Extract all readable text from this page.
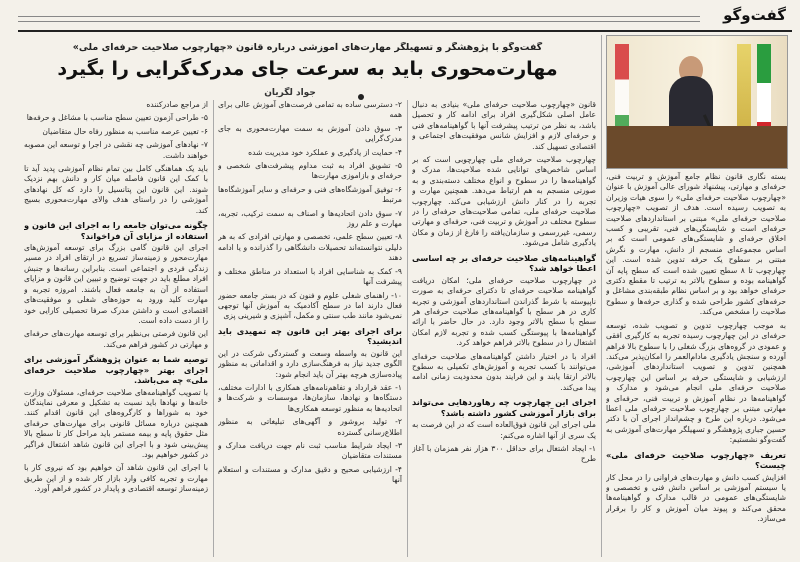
گفت‌وگو
گفت‌وگو با پژوهشگر و تسهیلگر مهارت‌های آموزشی درباره قانون «چهارچوب صلاحیت حرفه‌ای ملی»
مهارت‌محوری باید به سرعت جای مدرک‌گرایی را بگیرد
جواد لگریان

بسته نگاری قانون نظام جامع آموزش و تربیت فنی، حرفه‌ای و مهارتی، پیشنهاد شورای عالی آموزش با عنوان «چهارچوب صلاحیت حرفه‌ای ملی» را سوی هیات وزیران به تصویب رسیده است. هدف از تصویب «چهارچوب صلاحیت حرفه‌ای ملی» مبتنی بر استانداردهای صلاحیت حرفه‌ای است و شایستگی‌های فنی، تقریبی و کسب اخلاق حرفه‌ای و شایستگی‌های عمومی است که بر اساس مجموعه‌ای منسجم از دانش، مهارت و نگرش مبتنی بر سطوح یک حرفه تدوین شده است. این چهارچوب تا ۸ سطح تعیین شده است که سطح پایه آن گواهینامه بوده و سطوح بالاتر به ترتیب تا مقطع دکتری حرفه‌ای خواهد بود و بر اساس نظام طبقه‌بندی مشاغل و حرفه‌های کشور طراحی شده و گذاری حرفه‌ها و سطوح صلاحیت را مشخص می‌کند.

به موجب چهارچوب تدوین و تصویب شده، توسعه حرفه‌ای در این چهارچوب رسیده تجربه به کارگیری افقی و عمودی در گروه‌های بزرگ شغلی را با سطوح بالا فراهم آورده و سنجش یادگیری مادام‌العمر را امکان‌پذیر می‌کند. همچنین تدوین و تصویب استانداردهای آموزشی، ارزشیابی و شایستگی حرفه بر اساس این چهارچوب صلاحیت حرفه‌ای ملی انجام می‌شود و مدارک و گواهینامه‌ها در نظام آموزش و تربیت فنی، حرفه‌ای و مهارتی مبتنی بر چهارچوب صلاحیت حرفه‌ای ملی اعطا می‌شود. درباره این طرح و چشم‌انداز اجرای آن با دکتر حسین جباری پژوهشگر و تسهیلگر مهارت‌های آموزشی به گفت‌وگو نشستیم:

تعریف «چهارچوب صلاحیت حرفه‌ای ملی» چیست؟

افزایش کسب دانش و مهارت‌های فراوانی را در محل کار یا سیستم آموزشی بر اساس دانش فنی و تخصصی و شایستگی‌های عمومی در قالب مدارک و گواهینامه‌ها محقق می‌کند و پیوند میان آموزش و کار را برقرار می‌سازد.

قانون «چهارچوب صلاحیت حرفه‌ای ملی» بنیادی به دنبال عامل اصلی شکل‌گیری افراد برای ادامه کار و تحصیل باشد، به نظر من ترتیب پیشرفت آنها با گواهینامه‌های فنی و حرفه‌ای لازم و افزایش شانس موفقیت‌های اجتماعی و اقتصادی تسهیل کند.

چهارچوب صلاحیت حرفه‌ای ملی چهارچوبی است که بر اساس شاخص‌های توانایی شده صلاحیت‌ها، مدرک و گواهینامه‌ها را در سطوح و انواع مختلف دسته‌بندی و به صورتی منسجم به هم ارتباط می‌دهد. همچنین مهارت و تجربه را در کنار دانش ارزشیابی می‌کند. چهارچوب صلاحیت حرفه‌ای ملی، تمامی صلاحیت‌های حرفه‌ای را در سطوح مختلف در آموزش و تربیت فنی، حرفه‌ای و مهارتی رسمی، غیررسمی و سازمان‌یافته را فارغ از زمان و مکان یادگیری شامل می‌شود.

گواهینامه‌های صلاحیت حرفه‌ای بر چه اساسی اعطا خواهد شد؟

در چهارچوب صلاحیت حرفه‌ای ملی؛ امکان دریافت گواهینامه صلاحیت حرفه‌ای تا دکترای حرفه‌ای به صورت ناپیوسته با شرط گذراندن استانداردهای آموزشی و تجربه کاری در هر سطح با گواهینامه‌های صلاحیت حرفه‌ای هر سطح با سطح بالاتر وجود دارد. در حال حاضر با ارائه گواهینامه‌ها با پیوستگی کسب شده و تجربه لازم امکان اشتغال را در سطوح بالاتر فراهم خواهد کرد.

افراد با در اختیار داشتن گواهینامه‌های صلاحیت حرفه‌ای می‌توانند با کسب تجربه و آموزش‌های تکمیلی به سطوح بالاتر ارتقا یابند و این فرایند بدون محدودیت زمانی ادامه پیدا می‌کند.

اجرای این چهارچوب چه رهاوردهایی می‌تواند برای بازار آموزشی کشور داشته باشد؟

ملی اجرای این قانون فوق‌العاده است که در این فرصت به یک سری از آنها اشاره می‌کنم:

۱- ایجاد اشتغال برای حداقل ۳۰۰ هزار نفر همزمان با آغاز طرح

۲- دسترسی ساده به تمامی فرصت‌های آموزش عالی برای همه

۳- سوق دادن آموزش به سمت مهارت‌محوری به جای مدرک‌گرایی

۴- حمایت از یادگیری و عملکرد خود مدیریت شده

۵- تشویق افراد به ثبت مداوم پیشرفت‌های شخصی و حرفه‌ای و بازاموزی مهارت‌ها

۶- توفیق آموزشگاه‌های فنی و حرفه‌ای و سایر آموزشگاه‌ها مرتبط

۷- سوق دادن اتحادیه‌ها و اصناف به سمت ترکیب، تجربه، مهارت و علم روز

۸- تعیین سطح علمی، تخصصی و مهارتی افرادی که به هر دلیلی نتوانسته‌اند تحصیلات دانشگاهی را گذرانده و یا ادامه دهند

۹- کمک به شناسایی افراد با استعداد در مناطق مختلف و پیشرفت آنها

۱۰- راهنمای شغلی علوم و فنون که در بستر جامعه حضور فعال دارند اما در سطح آکادمیک به آموزش آنها توجهی نمی‌شود مانند طب سنتی و مکمل، آشپزی و شیرینی پزی

برای اجرای بهتر این قانون چه تمهیدی باید اندیشید؟

این قانون به واسطه وسعت و گستردگی شرکت در این الگوی جدید نیاز به فرهنگ‌سازی دارد و اقداماتی به منظور پیاده‌سازی هرچه بهتر آن باید انجام شود:

۱- عقد قرارداد و تفاهم‌نامه‌های همکاری با ادارات مختلف، دستگاه‌ها و نهادها، سازمان‌ها، موسسات و شرکت‌ها و اتحادیه‌ها به منظور توسعه همکاری‌ها

۲- تولید بروشور و آگهی‌های تبلیغاتی به منظور اطلاع‌رسانی گسترده

۳- ایجاد شرایط مناسب ثبت نام جهت دریافت مدارک و مستندات متقاضیان

۴- ارزشیابی صحیح و دقیق مدارک و مستندات و استعلام آنها

از مراجع صادرکننده

۵- طراحی آزمون تعیین سطح مناسب با مشاغل و حرفه‌ها

۶- تعیین عرصه مناسب به منظور رفاه حال متقاضیان

۷- نهادهای آموزشی چه نقشی در اجرا و توسعه این مصوبه خواهند داشت.

باید یک هماهنگی کامل بین تمام نظام آموزشی پدید آید تا با کمک این قانون فاصله میان کار و دانش بهم نزدیک شوند. این قانون این پتانسیل را دارد که کل نهادهای آموزشی را در راستای هدف والای مهارت‌محوری بسیج کند.

چگونه می‌توان جامعه را به اجرای این قانون و استفاده از مزایای آن فراخواند؟

اجرای این قانون گامی بزرگ برای توسعه آموزش‌های مهارت‌محور و زمینه‌ساز تسریع در ارتقای افراد در مسیر زندگی فردی و اجتماعی است. بنابراین رسانه‌ها و جنبش افراد مطلع باید در جهت توضیح و تبیین این قانون و مزایای استفاده از آن به جامعه فعال باشند. امروزه تجربه و مهارت کلید ورود به حوزه‌های شغلی و موفقیت‌های اقتصادی است و داشتن مدرک صرفا تحصیلی کارایی خود را از دست داده است.

این قانون فرصتی بی‌نظیر برای توسعه مهارت‌های حرفه‌ای و مهارتی در کشور فراهم می‌کند.

توصیه شما به عنوان پژوهشگر آموزشی برای اجرای بهتر «چهارچوب صلاحیت حرفه‌ای ملی» چه می‌باشد.

با تصویب گواهینامه‌های صلاحیت حرفه‌ای، مسئولان وزارت خانه‌ها و نهادها باید نسبت به تشکیل و معرفی نمایندگان خود به شوراها و کارگروه‌های این قانون اقدام کنند. همچنین درباره مسائل قانونی برای مهارت‌های حرفه‌ای مثل حقوق پایه و بیمه مستمر باید مراحل کار تا سطح بالا پیش‌بینی شود و با اجرای این قانون شاهد اشتغال فراگیر در کشور خواهیم بود.

با اجرای این قانون شاهد آن خواهیم بود که نیروی کار با مهارت و تجربه کافی وارد بازار کار شده و از این طریق زمینه‌ساز توسعه اقتصادی و پایدار در کشور فراهم آورد.
